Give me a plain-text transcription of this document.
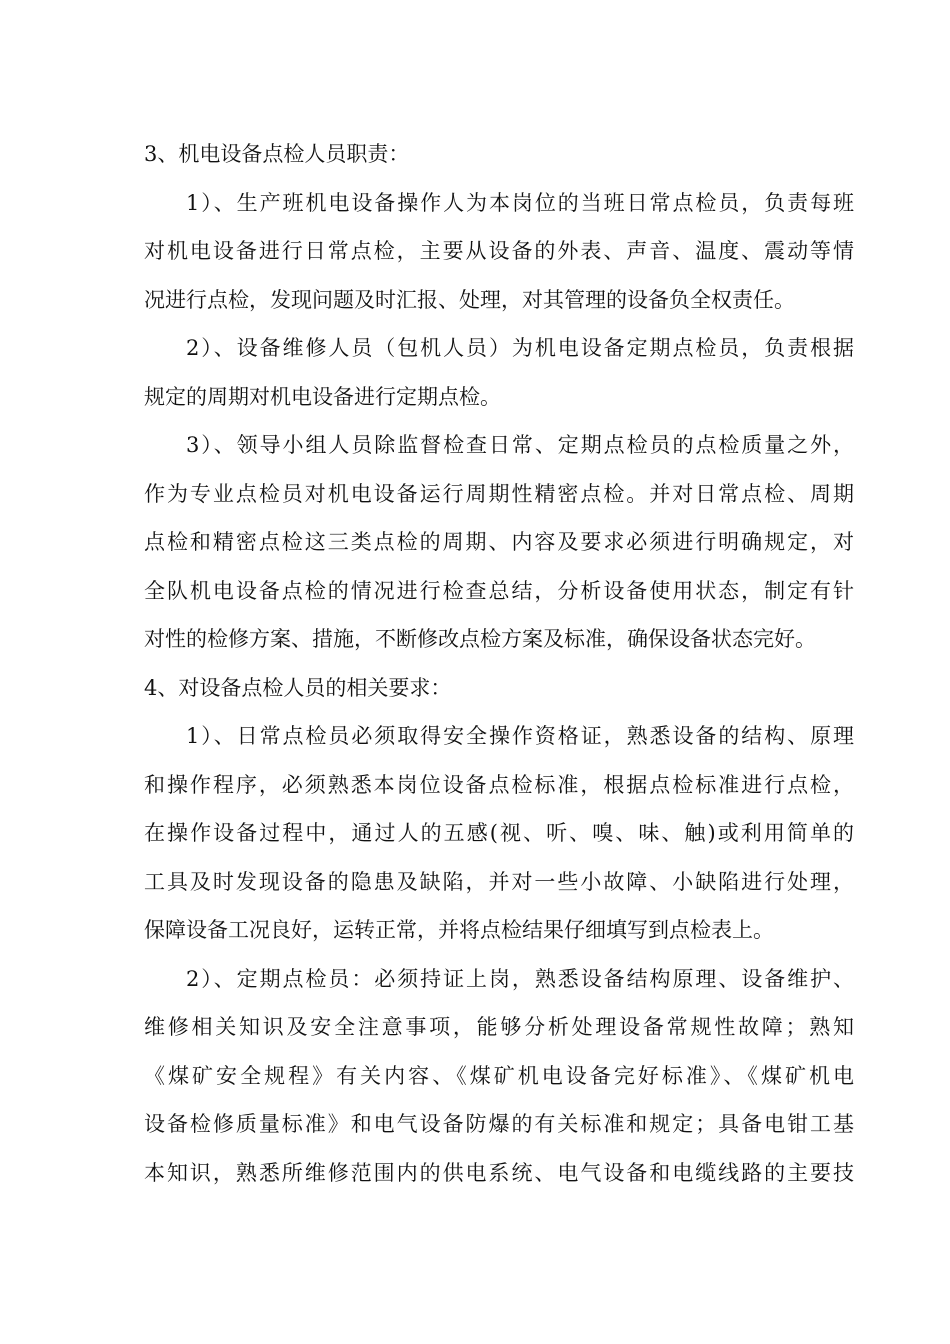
3、机电设备点检人员职责：
1）、生产班机电设备操作人为本岗位的当班日常点检员，负责每班
对机电设备进行日常点检，主要从设备的外表、声音、温度、震动等情
况进行点检，发现问题及时汇报、处理，对其管理的设备负全权责任。
2）、设备维修人员（包机人员）为机电设备定期点检员，负责根据
规定的周期对机电设备进行定期点检。
3）、领导小组人员除监督检查日常、定期点检员的点检质量之外，
作为专业点检员对机电设备运行周期性精密点检。并对日常点检、周期
点检和精密点检这三类点检的周期、内容及要求必须进行明确规定，对
全队机电设备点检的情况进行检查总结，分析设备使用状态，制定有针
对性的检修方案、措施，不断修改点检方案及标准，确保设备状态完好。
4、对设备点检人员的相关要求：
1）、日常点检员必须取得安全操作资格证，熟悉设备的结构、原理
和操作程序，必须熟悉本岗位设备点检标准，根据点检标准进行点检，
在操作设备过程中，通过人的五感(视、听、嗅、味、触)或利用简单的
工具及时发现设备的隐患及缺陷，并对一些小故障、小缺陷进行处理，
保障设备工况良好，运转正常，并将点检结果仔细填写到点检表上。
2）、定期点检员：必须持证上岗，熟悉设备结构原理、设备维护、
维修相关知识及安全注意事项，能够分析处理设备常规性故障；熟知
《煤矿安全规程》有关内容、《煤矿机电设备完好标准》、《煤矿机电
设备检修质量标准》和电气设备防爆的有关标准和规定；具备电钳工基
本知识，熟悉所维修范围内的供电系统、电气设备和电缆线路的主要技
